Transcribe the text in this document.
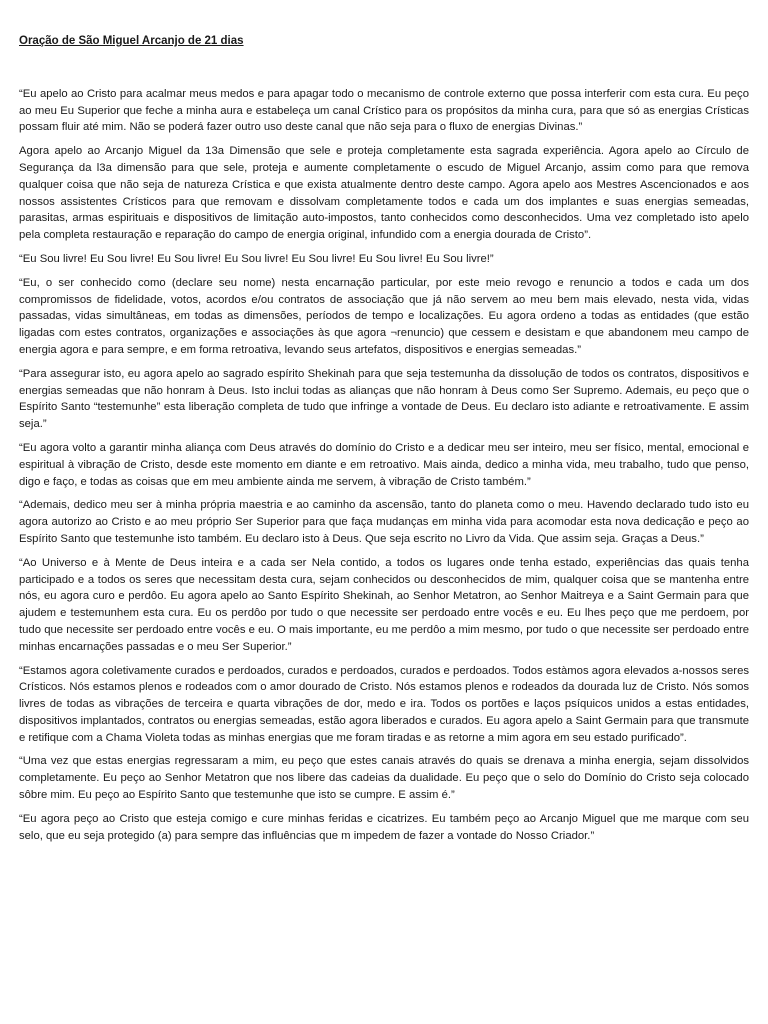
Oração de São Miguel Arcanjo de 21 dias

“Eu apelo ao Cristo para acalmar meus medos e para apagar todo o mecanismo de controle externo que possa interferir com esta cura. Eu peço ao meu Eu Superior que feche a minha aura e estabeleça um canal Crístico para os propósitos da minha cura, para que só as energias Crísticas possam fluir até mim. Não se poderá fazer outro uso deste canal que não seja para o fluxo de energias Divinas.”

Agora apelo ao Arcanjo Miguel da 13a Dimensão que sele e proteja completamente esta sagrada experiência. Agora apelo ao Círculo de Segurança da l3a dimensão para que sele, proteja e aumente completamente o escudo de Miguel Arcanjo, assim como para que remova qualquer coisa que não seja de natureza Crística e que exista atualmente dentro deste campo. Agora apelo aos Mestres Ascencionados e aos nossos assistentes Crísticos para que removam e dissolvam completamente todos e cada um dos implantes e suas energias semeadas, parasitas, armas espirituais e dispositivos de limitação auto-impostos, tanto conhecidos como desconhecidos. Uma vez completado isto apelo pela completa restauração e reparação do campo de energia original, infundido com a energia dourada de Cristo”.

“Eu Sou livre! Eu Sou livre! Eu Sou livre! Eu Sou livre! Eu Sou livre! Eu Sou livre! Eu Sou livre!”

“Eu, o ser conhecido como (declare seu nome) nesta encarnação particular, por este meio revogo e renuncio a todos e cada um dos compromissos de fidelidade, votos, acordos e/ou contratos de associação que já não servem ao meu bem mais elevado, nesta vida, vidas passadas, vidas simultâneas, em todas as dimensões, períodos de tempo e localizações. Eu agora ordeno a todas as entidades (que estão ligadas com estes contratos, organizações e associações às que agora ¬renuncio) que cessem e desistam e que abandonem meu campo de energia agora e para sempre, e em forma retroativa, levando seus artefatos, dispositivos e energias semeadas.”

“Para assegurar isto, eu agora apelo ao sagrado espírito Shekinah para que seja testemunha da dissolução de todos os contratos, dispositivos e energias semeadas que não honram à Deus. Isto inclui todas as alianças que não honram à Deus como Ser Supremo. Ademais, eu peço que o Espírito Santo “testemunhe” esta liberação completa de tudo que infringe a vontade de Deus. Eu declaro isto adiante e retroativamente. E assim seja.”

“Eu agora volto a garantir minha aliança com Deus através do domínio do Cristo e a dedicar meu ser inteiro, meu ser físico, mental, emocional e espiritual à vibração de Cristo, desde este momento em diante e em retroativo. Mais ainda, dedico a minha vida, meu trabalho, tudo que penso, digo e faço, e todas as coisas que em meu ambiente ainda me servem, à vibração de Cristo também.”

“Ademais, dedico meu ser à minha própria maestria e ao caminho da ascensão, tanto do planeta como o meu. Havendo declarado tudo isto eu agora autorizo ao Cristo e ao meu próprio Ser Superior para que faça mudanças em minha vida para acomodar esta nova dedicação e peço ao Espírito Santo que testemunhe isto também. Eu declaro isto à Deus. Que seja escrito no Livro da Vida. Que assim seja. Graças a Deus.”

“Ao Universo e à Mente de Deus inteira e a cada ser Nela contido, a todos os lugares onde tenha estado, experiências das quais tenha participado e a todos os seres que necessitam desta cura, sejam conhecidos ou desconhecidos de mim, qualquer coisa que se mantenha entre nós, eu agora curo e perdôo. Eu agora apelo ao Santo Espírito Shekinah, ao Senhor Metatron, ao Senhor Maitreya e a Saint Germain para que ajudem e testemunhem esta cura. Eu os perdôo por tudo o que necessite ser perdoado entre vocês e eu. Eu lhes peço que me perdoem, por tudo que necessite ser perdoado entre vocês e eu. O mais importante, eu me perdôo a mim mesmo, por tudo o que necessite ser perdoado entre minhas encarnações passadas e o meu Ser Superior.”

“Estamos agora coletivamente curados e perdoados, curados e perdoados, curados e perdoados. Todos estàmos agora elevados a-nossos seres Crísticos. Nós estamos plenos e rodeados com o amor dourado de Cristo. Nós estamos plenos e rodeados da dourada luz de Cristo. Nós somos livres de todas as vibrações de terceira e quarta vibrações de dor, medo e ira. Todos os portões e laços psíquicos unidos a estas entidades, dispositivos implantados, contratos ou energias semeadas, estão agora liberados e curados. Eu agora apelo a Saint Germain para que transmute e retifique com a Chama Violeta todas as minhas energias que me foram tiradas e as retorne a mim agora em seu estado purificado”.

“Uma vez que estas energias regressaram a mim, eu peço que estes canais através do quais se drenava a minha energia, sejam dissolvidos completamente. Eu peço ao Senhor Metatron que nos libere das cadeias da dualidade. Eu peço que o selo do Domínio do Cristo seja colocado sôbre mim. Eu peço ao Espírito Santo que testemunhe que isto se cumpre. E assim é.”

“Eu agora peço ao Cristo que esteja comigo e cure minhas feridas e cicatrizes. Eu também peço ao Arcanjo Miguel que me marque com seu selo, que eu seja protegido (a) para sempre das influências que m impedem de fazer a vontade do Nosso Criador.”
